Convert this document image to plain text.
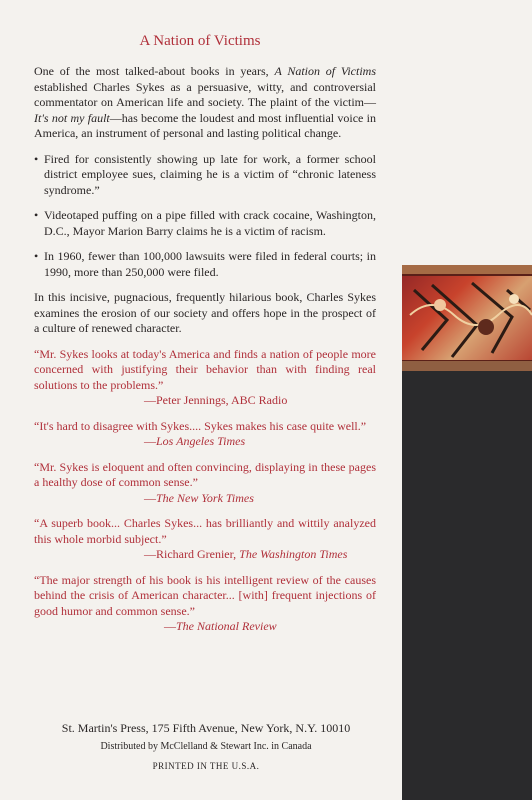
A Nation of Victims

One of the most talked-about books in years, A Nation of Victims established Charles Sykes as a persuasive, witty, and controversial commentator on American life and society. The plaint of the victim—It's not my fault—has become the loudest and most influential voice in America, an instrument of personal and lasting political change.

• Fired for consistently showing up late for work, a former school district employee sues, claiming he is a victim of “chronic lateness syndrome.”
• Videotaped puffing on a pipe filled with crack cocaine, Washington, D.C., Mayor Marion Barry claims he is a victim of racism.
• In 1960, fewer than 100,000 lawsuits were filed in federal courts; in 1990, more than 250,000 were filed.

In this incisive, pugnacious, frequently hilarious book, Charles Sykes examines the erosion of our society and offers hope in the prospect of a culture of renewed character.

“Mr. Sykes looks at today's America and finds a nation of people more concerned with justifying their behavior than with finding real solutions to the problems.”

—Peter Jennings, ABC Radio

“It's hard to disagree with Sykes.... Sykes makes his case quite well.”

—Los Angeles Times

“Mr. Sykes is eloquent and often convincing, displaying in these pages a healthy dose of common sense.”

—The New York Times

“A superb book... Charles Sykes... has brilliantly and wittily analyzed this whole morbid subject.”

—Richard Grenier, The Washington Times

“The major strength of his book is his intelligent review of the causes behind the crisis of American character... [with] frequent injections of good humor and common sense.”

—The National Review
St. Martin's Press, 175 Fifth Avenue, New York, N.Y. 10010
Distributed by McClelland & Stewart Inc. in Canada
PRINTED IN THE U.S.A.
